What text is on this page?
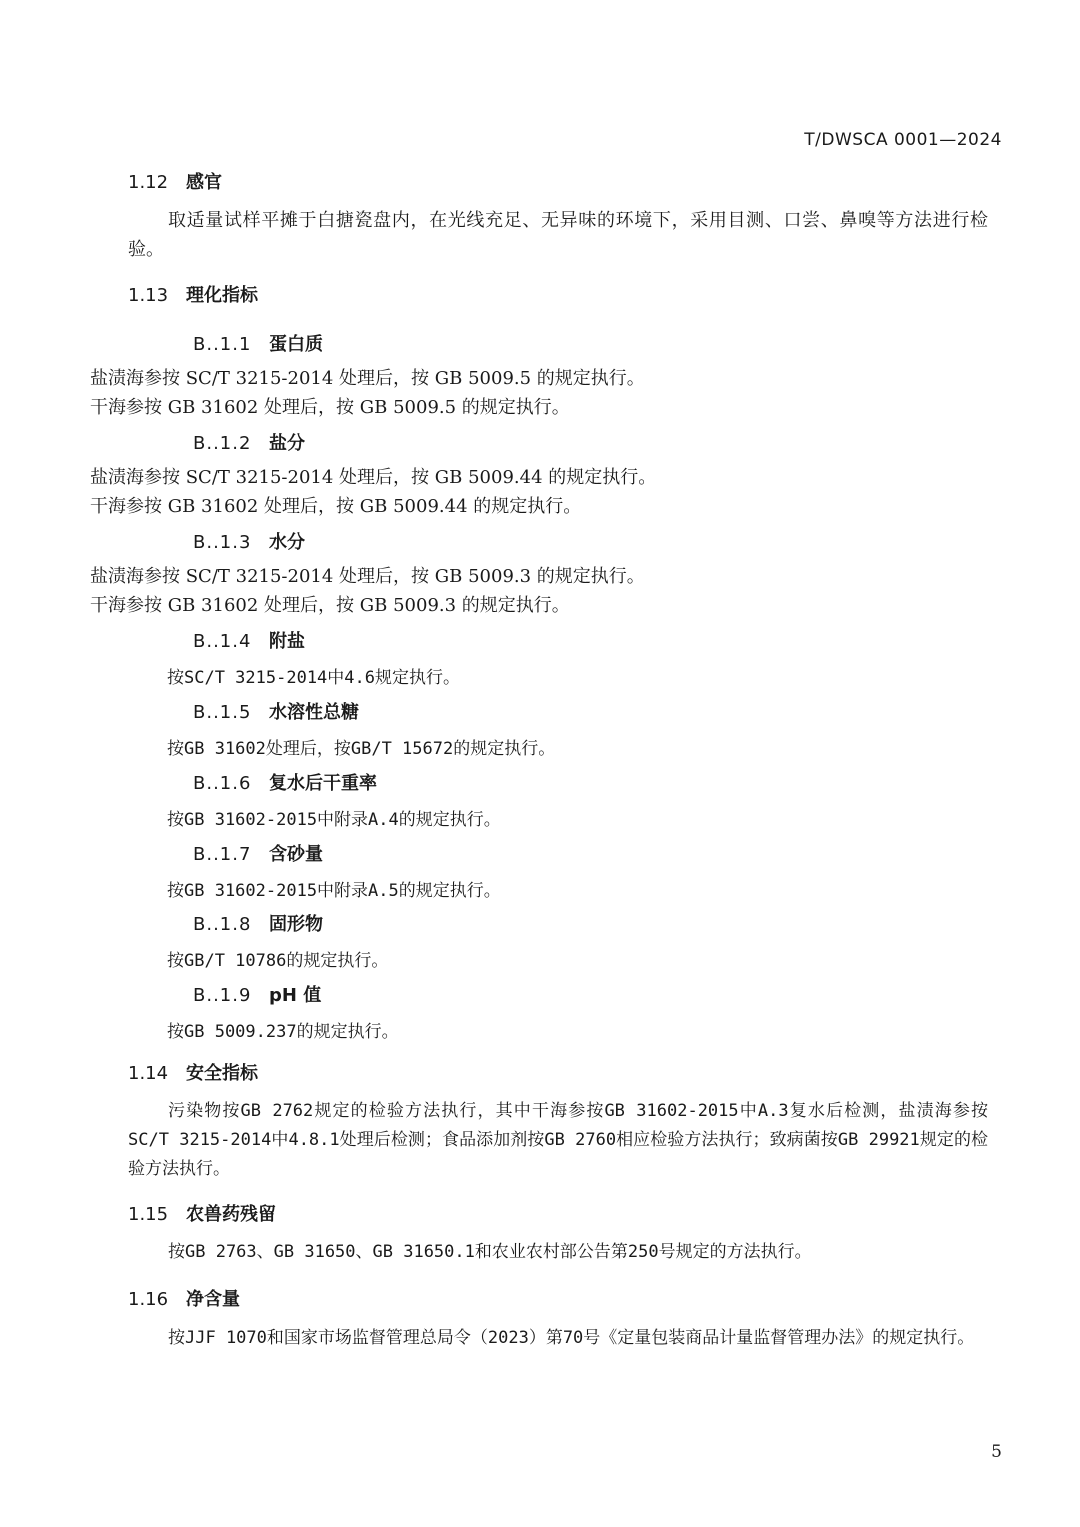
T/DWSCA 0001—2024
1.12 感官
取适量试样平摊于白搪瓷盘内，在光线充足、无异味的环境下，采用目测、口尝、鼻嗅等方法进行检验。
1.13 理化指标
B..1.1 蛋白质
盐渍海参按 SC/T 3215-2014 处理后，按 GB 5009.5 的规定执行。
干海参按 GB 31602 处理后，按 GB 5009.5 的规定执行。
B..1.2 盐分
盐渍海参按 SC/T 3215-2014 处理后，按 GB 5009.44 的规定执行。
干海参按 GB 31602 处理后，按 GB 5009.44 的规定执行。
B..1.3 水分
盐渍海参按 SC/T 3215-2014 处理后，按 GB 5009.3 的规定执行。
干海参按 GB 31602 处理后，按 GB 5009.3 的规定执行。
B..1.4 附盐
按SC/T 3215-2014中4.6规定执行。
B..1.5 水溶性总糖
按GB 31602处理后，按GB/T 15672的规定执行。
B..1.6 复水后干重率
按GB 31602-2015中附录A.4的规定执行。
B..1.7 含砂量
按GB 31602-2015中附录A.5的规定执行。
B..1.8 固形物
按GB/T 10786的规定执行。
B..1.9 pH 值
按GB 5009.237的规定执行。
1.14 安全指标
污染物按GB 2762规定的检验方法执行，其中干海参按GB 31602-2015中A.3复水后检测，盐渍海参按SC/T 3215-2014中4.8.1处理后检测；食品添加剂按GB 2760相应检验方法执行；致病菌按GB 29921规定的检验方法执行。
1.15 农兽药残留
按GB 2763、GB 31650、GB 31650.1和农业农村部公告第250号规定的方法执行。
1.16 净含量
按JJF 1070和国家市场监督管理总局令（2023）第70号《定量包装商品计量监督管理办法》的规定执行。
5
